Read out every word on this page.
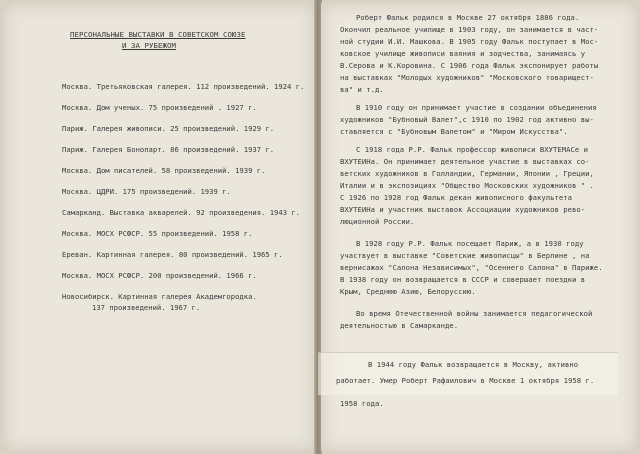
ПЕРСОНАЛЬНЫЕ ВЫСТАВКИ В СОВЕТСКОМ СОЮЗЕ
И ЗА РУБЕЖОМ
Москва. Третьяковская галерея. 112 произведений. 1924 г.
Москва. Дом ученых. 75 произведений . 1927 г.
Париж. Галерея живописи. 25 произведений. 1929 г.
Париж. Галерея Бонопарт. 86 произведений. 1937 г.
Москва. Дом писателей. 58 произведений. 1939 г.
Москва. ЦДРИ. 175 произведений. 1939 г.
Самарканд. Выставка акварелей. 92 произведения. 1943 г.
Москва. МОСХ РСФСР. 55 произведений. 1958 г.
Ереван. Картинная галерея. 80 произведений. 1965 г.
Москва. МОСХ РСФСР. 200 произведений. 1966 г.
Новосибирск. Картинная галерея Академгородка.
137 произведений. 1967 г.
Роберт Фальк родился в Москве 27 октября 1886 года.
Окончил реальное училище в 1903 году, он занимается в част-
ной студии И.И. Машкова. В 1905 году Фальк поступает в Мос-
ковское училище живописи ваяния и зодчества, занимаясь у
В.Серова и К.Коровина. С 1906 года Фальк экспонирует работы
на выставках "Молодых художников" "Московского товарищест-
ва" и т.д.
В 1910 году он принимает участие в создании объединения
художников "Бубновый Валет",с 1910 по 1902 год активно вы-
ставляется с "Бубновым Валетом" и "Миром Искусства".
С 1918 года Р.Р. Фальк профессор живописи ВХУТЕМАСе и
ВХУТЕИНа. Он принимает деятельное участие в выставках со-
ветских художников в Голландии, Германии, Японии , Греции,
Италии и в экспозициях "Общество Московских художников " .
С 1926 по 1928 год Фальк декан живописного факультета
ВХУТЕИНа и участник выставок Ассоциации художников рево-
люционной России.
В 1928 году Р.Р. Фальк посещает Париж, а в 1930 году
участвует в выставке "Советские живописцы" в Берлине , на
вернисажах "Салона Независимых", "Осеннего Салона" в Париже.
В 1938 году он возвращается в СССР и совершает поездки в
Крым, Среднюю Азию, Белоруссию.
Во время Отечественной войны занимается педагогической
деятельностью в Самарканде.
В 1944 году Фальк возвращается в Москву, активно
работает. Умер Роберт Рафаилович в Москве 1 октября 1958 г.
1958 года.
